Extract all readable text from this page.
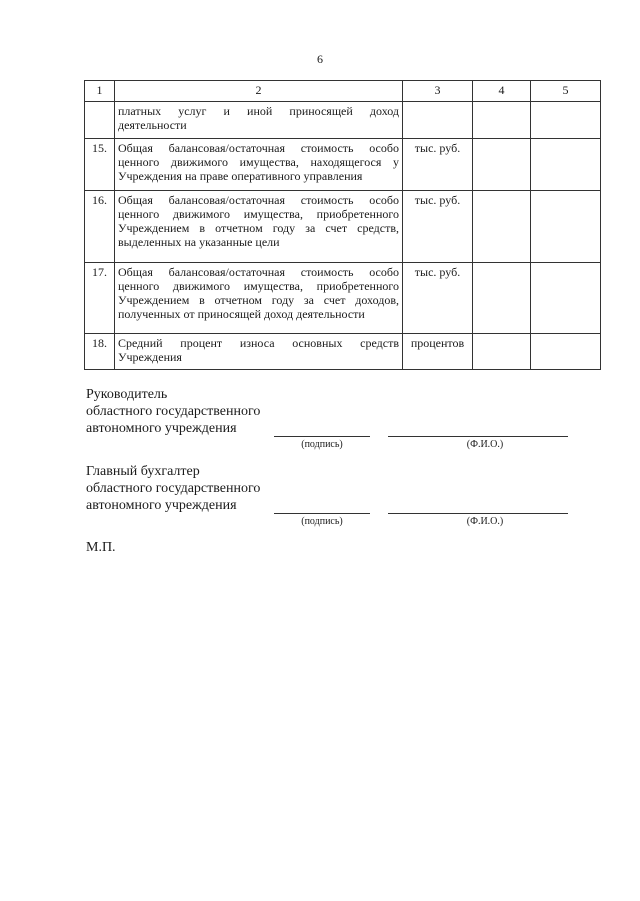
6
1	2	3	4	5
	платных услуг и иной приносящей доход деятельности			
15.	Общая балансовая/остаточная стоимость особо ценного движимого имущества, находящегося у Учреждения на праве оперативного управления	тыс. руб.		
16.	Общая балансовая/остаточная стоимость особо ценного движимого имущества, приобретенного Учреждением в отчетном году за счет средств, выделенных на указанные цели	тыс. руб.		
17.	Общая балансовая/остаточная стоимость особо ценного движимого имущества, приобретенного Учреждением в отчетном году за счет доходов, полученных от приносящей доход деятельности	тыс. руб.		
18.	Средний процент износа основных средств Учреждения	процентов		
Руководитель
областного государственного
автономного учреждения
(подпись)	(Ф.И.О.)
Главный бухгалтер
областного государственного
автономного учреждения
(подпись)	(Ф.И.О.)
М.П.
